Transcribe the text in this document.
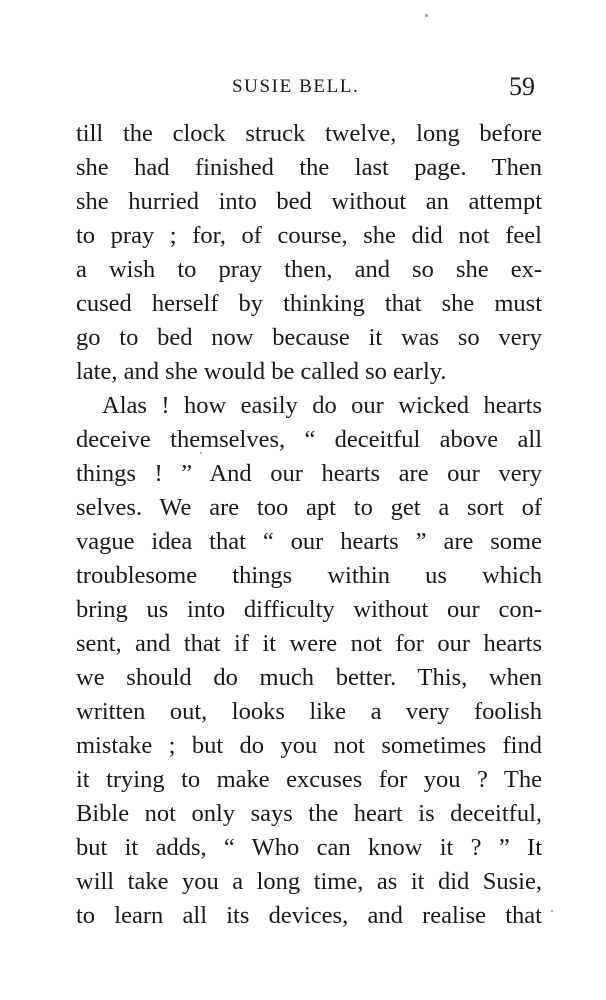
SUSIE BELL.	59
till the clock struck twelve, long before
she had finished the last page. Then
she hurried into bed without an attempt
to pray ; for, of course, she did not feel
a wish to pray then, and so she ex-
cused herself by thinking that she must
go to bed now because it was so very
late, and she would be called so early.
Alas ! how easily do our wicked hearts
deceive themselves, “ deceitful above all
things ! ” And our hearts are our very
selves. We are too apt to get a sort of
vague idea that “ our hearts ” are some
troublesome things within us which
bring us into difficulty without our con-
sent, and that if it were not for our hearts
we should do much better. This, when
written out, looks like a very foolish
mistake ; but do you not sometimes find
it trying to make excuses for you ? The
Bible not only says the heart is deceitful,
but it adds, “ Who can know it ? ” It
will take you a long time, as it did Susie,
to learn all its devices, and realise that
